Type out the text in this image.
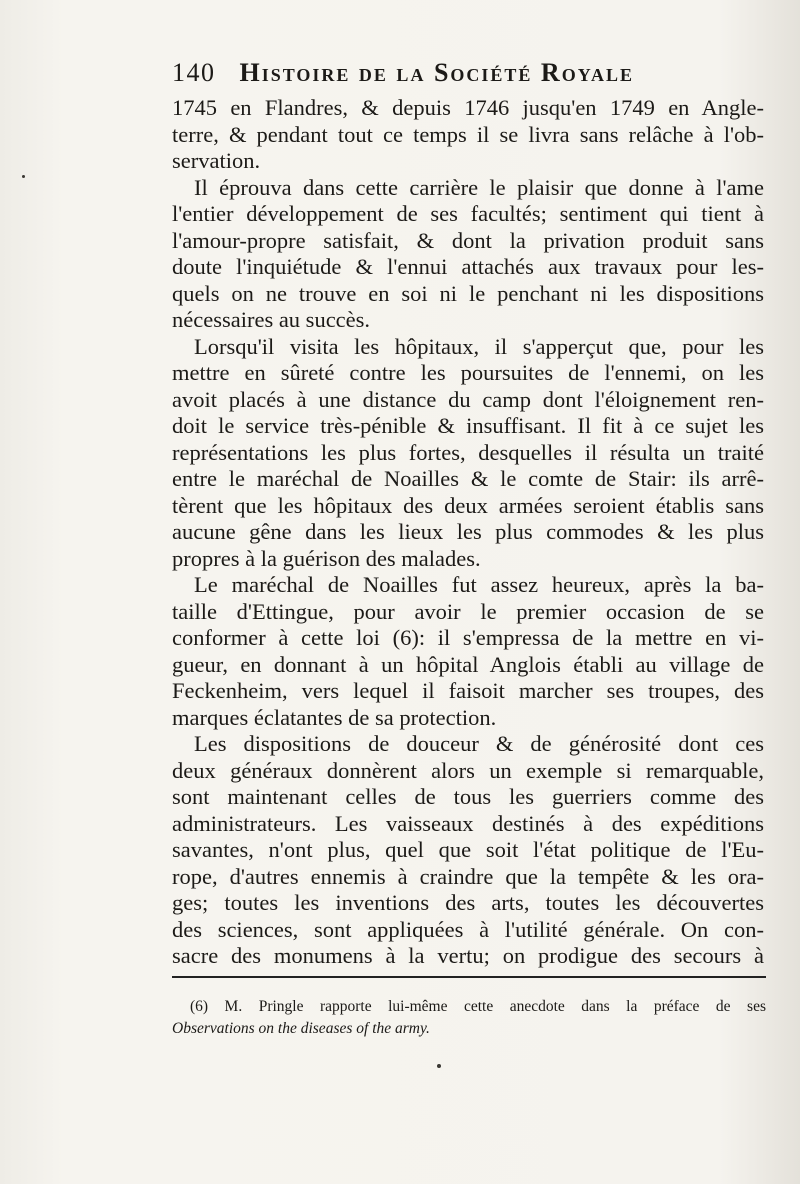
140 Histoire de la Société Royale
1745 en Flandres, & depuis 1746 jusqu'en 1749 en Angle-
terre, & pendant tout ce temps il se livra sans relâche à l'ob-
servation.
Il éprouva dans cette carrière le plaisir que donne à l'ame
l'entier développement de ses facultés; sentiment qui tient à
l'amour-propre satisfait, & dont la privation produit sans
doute l'inquiétude & l'ennui attachés aux travaux pour les-
quels on ne trouve en soi ni le penchant ni les dispositions
nécessaires au succès.
Lorsqu'il visita les hôpitaux, il s'apperçut que, pour les
mettre en sûreté contre les poursuites de l'ennemi, on les
avoit placés à une distance du camp dont l'éloignement ren-
doit le service très-pénible & insuffisant. Il fit à ce sujet les
représentations les plus fortes, desquelles il résulta un traité
entre le maréchal de Noailles & le comte de Stair: ils arrê-
tèrent que les hôpitaux des deux armées seroient établis sans
aucune gêne dans les lieux les plus commodes & les plus
propres à la guérison des malades.
Le maréchal de Noailles fut assez heureux, après la ba-
taille d'Ettingue, pour avoir le premier occasion de se
conformer à cette loi (6): il s'empressa de la mettre en vi-
gueur, en donnant à un hôpital Anglois établi au village de
Feckenheim, vers lequel il faisoit marcher ses troupes, des
marques éclatantes de sa protection.
Les dispositions de douceur & de générosité dont ces
deux généraux donnèrent alors un exemple si remarquable,
sont maintenant celles de tous les guerriers comme des
administrateurs. Les vaisseaux destinés à des expéditions
savantes, n'ont plus, quel que soit l'état politique de l'Eu-
rope, d'autres ennemis à craindre que la tempête & les ora-
ges; toutes les inventions des arts, toutes les découvertes
des sciences, sont appliquées à l'utilité générale. On con-
sacre des monumens à la vertu; on prodigue des secours à
(6) M. Pringle rapporte lui-même cette anecdote dans la préface de ses
Observations on the diseases of the army.
